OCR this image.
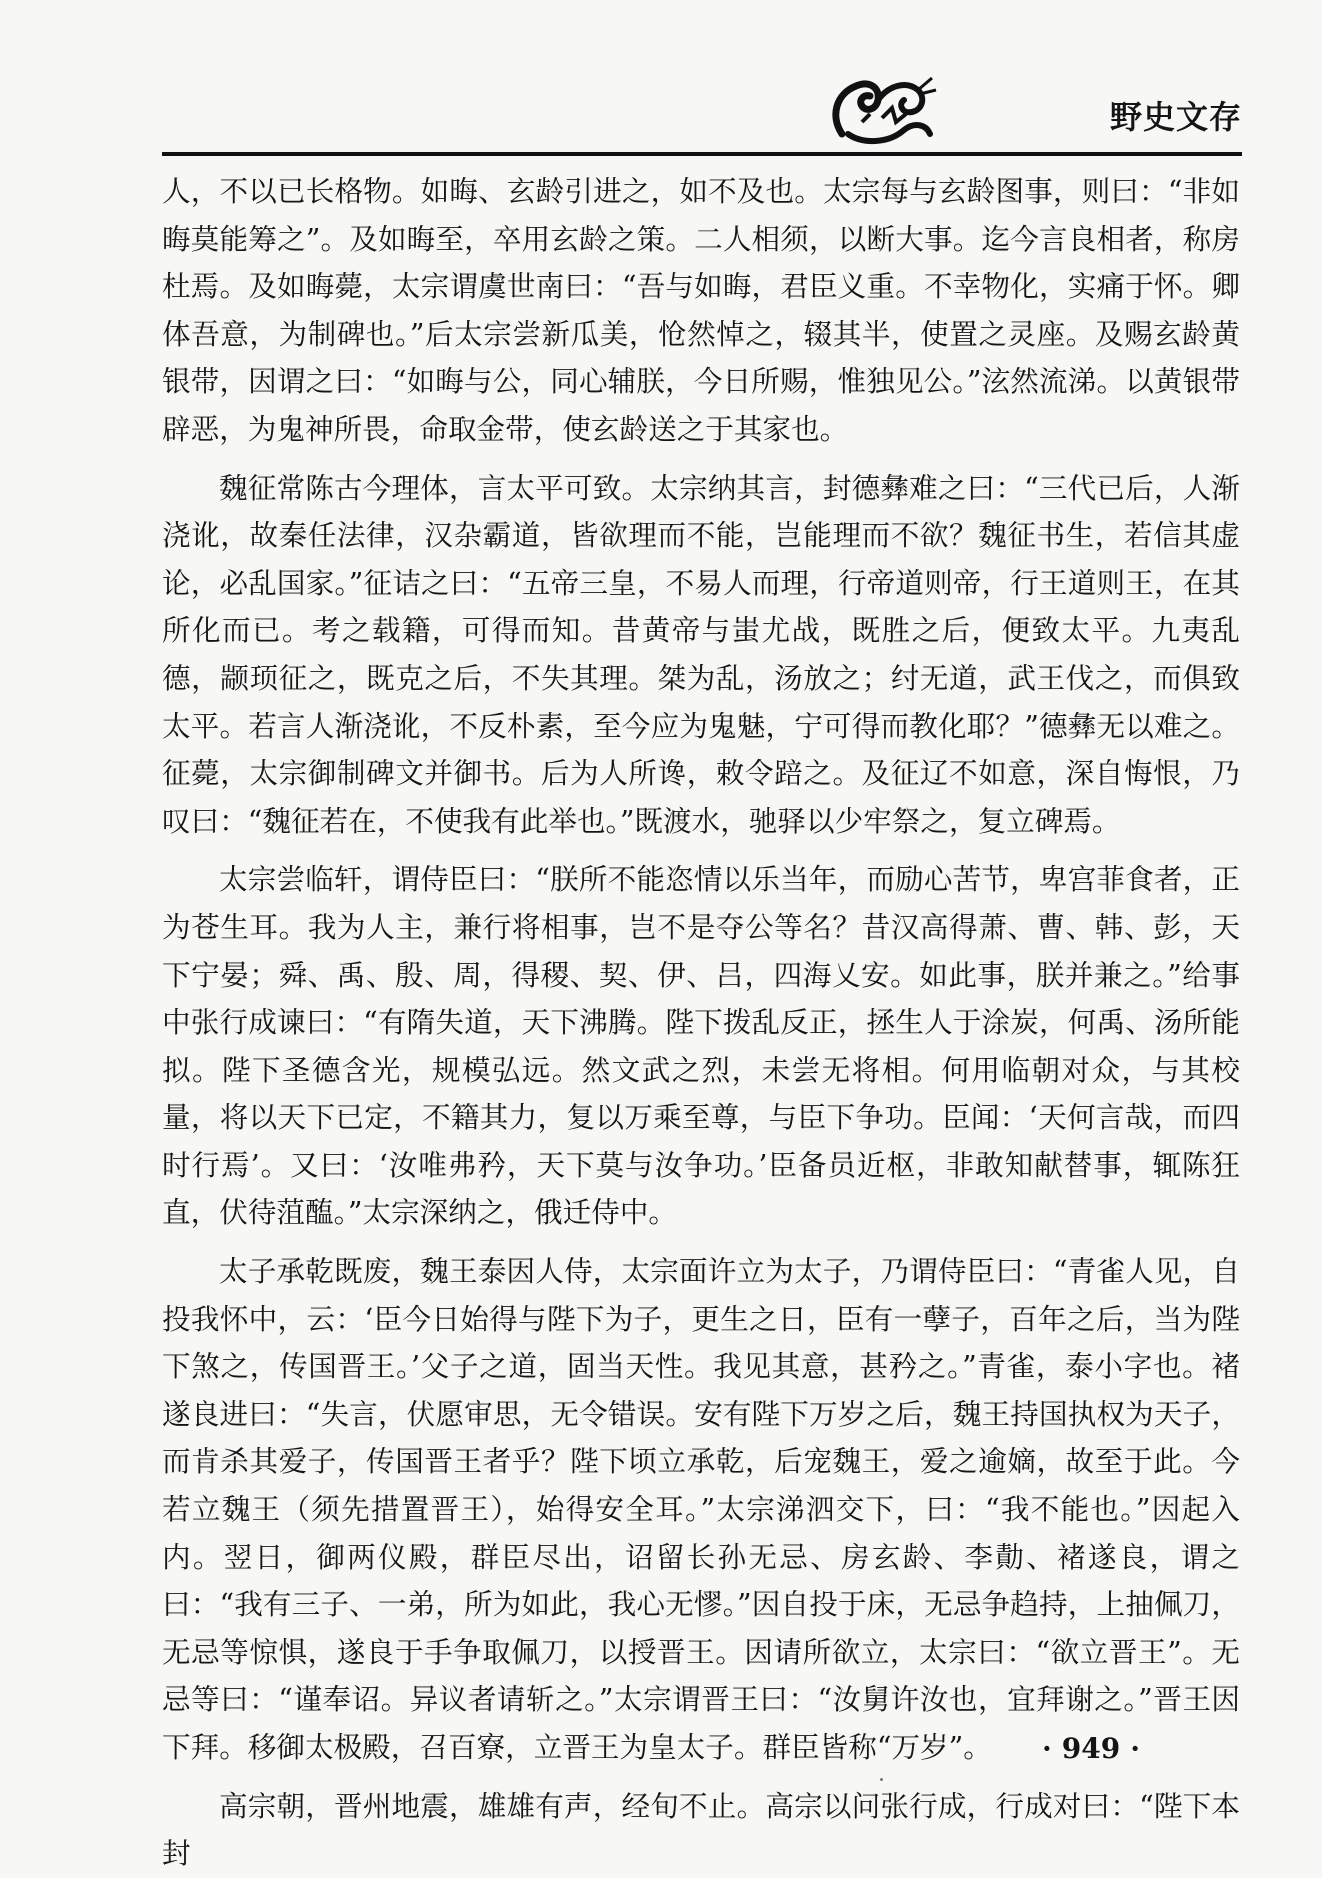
野史文存

人，不以已长格物。如晦、玄龄引进之，如不及也。太宗每与玄龄图事，则曰：“非如晦莫能筹之”。及如晦至，卒用玄龄之策。二人相须，以断大事。迄今言良相者，称房杜焉。及如晦薨，太宗谓虞世南曰：“吾与如晦，君臣义重。不幸物化，实痛于怀。卿体吾意，为制碑也。”后太宗尝新瓜美，怆然悼之，辍其半，使置之灵座。及赐玄龄黄银带，因谓之曰：“如晦与公，同心辅朕，今日所赐，惟独见公。”泫然流涕。以黄银带辟恶，为鬼神所畏，命取金带，使玄龄送之于其家也。

魏征常陈古今理体，言太平可致。太宗纳其言，封德彝难之曰：“三代已后，人渐浇讹，故秦任法律，汉杂霸道，皆欲理而不能，岂能理而不欲？魏征书生，若信其虚论，必乱国家。”征诘之曰：“五帝三皇，不易人而理，行帝道则帝，行王道则王，在其所化而已。考之载籍，可得而知。昔黄帝与蚩尤战，既胜之后，便致太平。九夷乱德，颛顼征之，既克之后，不失其理。桀为乱，汤放之；纣无道，武王伐之，而俱致太平。若言人渐浇讹，不反朴素，至今应为鬼魅，宁可得而教化耶？”德彝无以难之。征薨，太宗御制碑文并御书。后为人所谗，敕令踣之。及征辽不如意，深自悔恨，乃叹曰：“魏征若在，不使我有此举也。”既渡水，驰驿以少牢祭之，复立碑焉。

太宗尝临轩，谓侍臣曰：“朕所不能恣情以乐当年，而励心苦节，卑宫菲食者，正为苍生耳。我为人主，兼行将相事，岂不是夺公等名？昔汉高得萧、曹、韩、彭，天下宁晏；舜、禹、殷、周，得稷、契、伊、吕，四海乂安。如此事，朕并兼之。”给事中张行成谏曰：“有隋失道，天下沸腾。陛下拨乱反正，拯生人于涂炭，何禹、汤所能拟。陛下圣德含光，规模弘远。然文武之烈，未尝无将相。何用临朝对众，与其校量，将以天下已定，不籍其力，复以万乘至尊，与臣下争功。臣闻：‘天何言哉，而四时行焉’。又曰：‘汝唯弗矜，天下莫与汝争功。’臣备员近枢，非敢知献替事，辄陈狂直，伏待菹醢。”太宗深纳之，俄迁侍中。

太子承乾既废，魏王泰因人侍，太宗面许立为太子，乃谓侍臣曰：“青雀人见，自投我怀中，云：‘臣今日始得与陛下为子，更生之日，臣有一孽子，百年之后，当为陛下煞之，传国晋王。’父子之道，固当天性。我见其意，甚矜之。”青雀，泰小字也。褚遂良进曰：“失言，伏愿审思，无令错误。安有陛下万岁之后，魏王持国执权为天子，而肯杀其爱子，传国晋王者乎？陛下顷立承乾，后宠魏王，爱之逾嫡，故至于此。今若立魏王（须先措置晋王），始得安全耳。”太宗涕泗交下，曰：“我不能也。”因起入内。翌日，御两仪殿，群臣尽出，诏留长孙无忌、房玄龄、李勣、褚遂良，谓之曰：“我有三子、一弟，所为如此，我心无憀。”因自投于床，无忌争趋持，上抽佩刀，无忌等惊惧，遂良于手争取佩刀，以授晋王。因请所欲立，太宗曰：“欲立晋王”。无忌等曰：“谨奉诏。异议者请斩之。”太宗谓晋王曰：“汝舅许汝也，宜拜谢之。”晋王因下拜。移御太极殿，召百寮，立晋王为皇太子。群臣皆称“万岁”。

高宗朝，晋州地震，雄雄有声，经旬不止。高宗以问张行成，行成对曰：“陛下本封

· 949 ·
